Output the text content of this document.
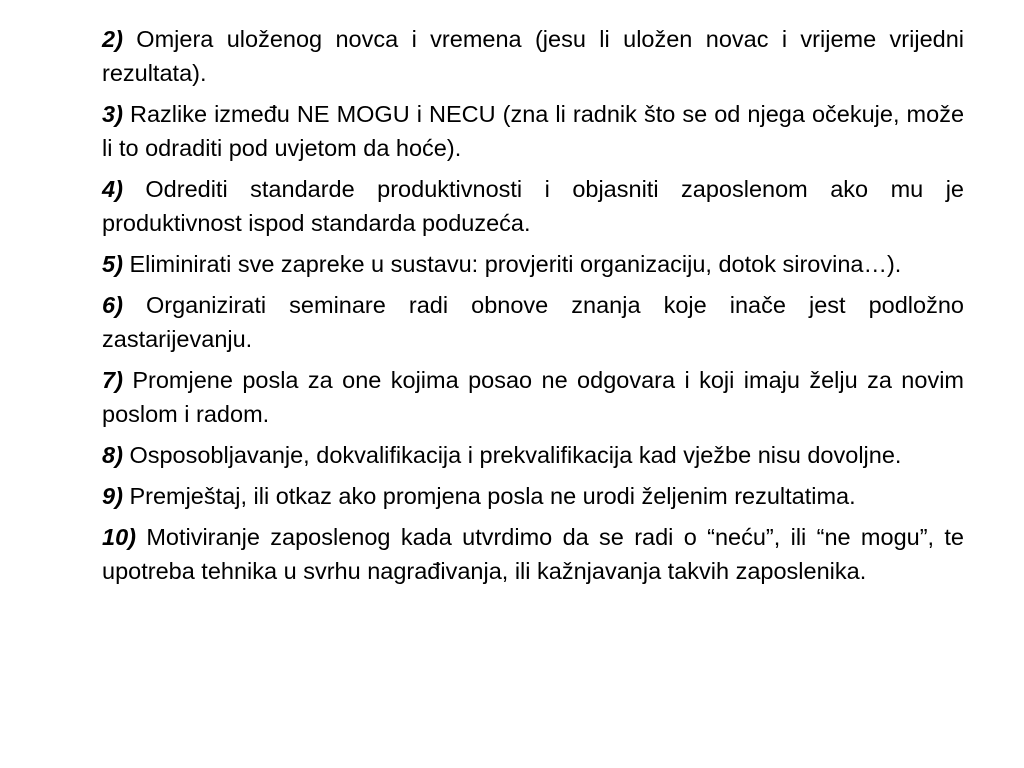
2) Omjera uloženog novca i vremena (jesu li uložen novac i vrijeme vrijedni rezultata).

3) Razlike između NE MOGU i NECU (zna li radnik što se od njega očekuje, može li to odraditi pod uvjetom da hoće).

4) Odrediti standarde produktivnosti i objasniti zaposlenom ako mu je produktivnost ispod standarda poduzeća.

5) Eliminirati sve zapreke u sustavu: provjeriti organizaciju, dotok sirovina…).

6) Organizirati seminare radi obnove znanja koje inače jest podložno zastarijevanju.

7) Promjene posla za one kojima posao ne odgovara i koji imaju želju za novim poslom i radom.

8) Osposobljavanje, dokvalifikacija i prekvalifikacija kad vježbe nisu dovoljne.

9) Premještaj, ili otkaz ako promjena posla ne urodi željenim rezultatima.

10) Motiviranje zaposlenog kada utvrdimo da se radi o “neću”, ili “ne mogu”, te upotreba tehnika u svrhu nagrađivanja, ili kažnjavanja takvih zaposlenika.
